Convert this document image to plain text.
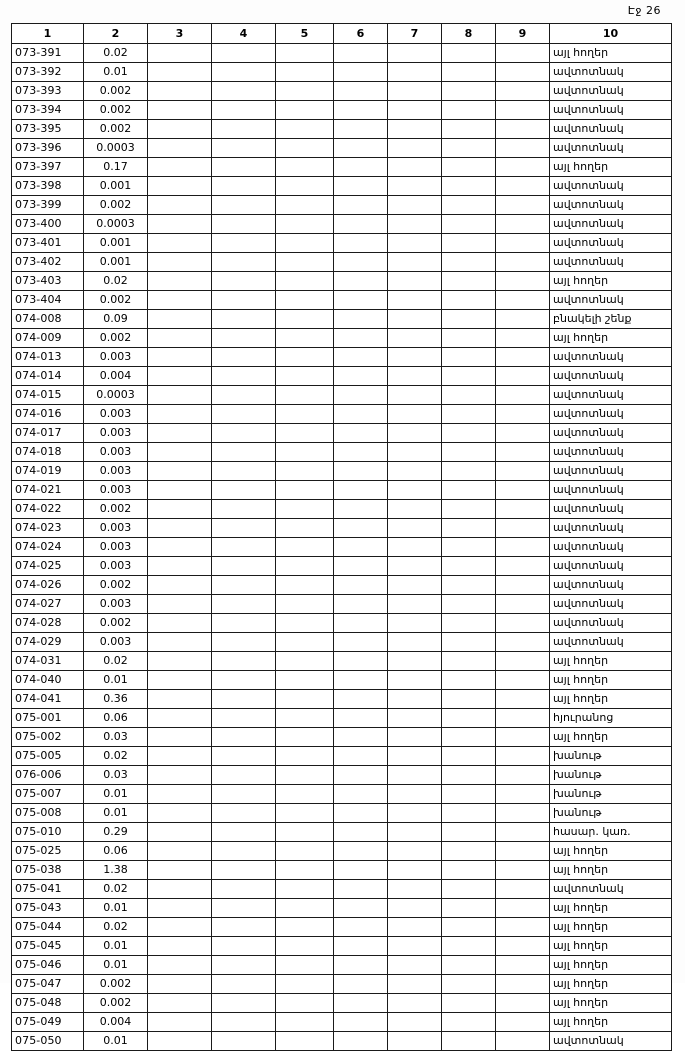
Էջ 26
1	2	3	4	5	6	7	8	9	10
073-391	0.02								այլ հողեր
073-392	0.01								ավտոտնակ
073-393	0.002								ավտոտնակ
073-394	0.002								ավտոտնակ
073-395	0.002								ավտոտնակ
073-396	0.0003								ավտոտնակ
073-397	0.17								այլ հողեր
073-398	0.001								ավտոտնակ
073-399	0.002								ավտոտնակ
073-400	0.0003								ավտոտնակ
073-401	0.001								ավտոտնակ
073-402	0.001								ավտոտնակ
073-403	0.02								այլ հողեր
073-404	0.002								ավտոտնակ
074-008	0.09								բնակելի շենք
074-009	0.002								այլ հողեր
074-013	0.003								ավտոտնակ
074-014	0.004								ավտոտնակ
074-015	0.0003								ավտոտնակ
074-016	0.003								ավտոտնակ
074-017	0.003								ավտոտնակ
074-018	0.003								ավտոտնակ
074-019	0.003								ավտոտնակ
074-021	0.003								ավտոտնակ
074-022	0.002								ավտոտնակ
074-023	0.003								ավտոտնակ
074-024	0.003								ավտոտնակ
074-025	0.003								ավտոտնակ
074-026	0.002								ավտոտնակ
074-027	0.003								ավտոտնակ
074-028	0.002								ավտոտնակ
074-029	0.003								ավտոտնակ
074-031	0.02								այլ հողեր
074-040	0.01								այլ հողեր
074-041	0.36								այլ հողեր
075-001	0.06								հյուրանոց
075-002	0.03								այլ հողեր
075-005	0.02								խանութ
076-006	0.03								խանութ
075-007	0.01								խանութ
075-008	0.01								խանութ
075-010	0.29								հասար. կառ.
075-025	0.06								այլ հողեր
075-038	1.38								այլ հողեր
075-041	0.02								ավտոտնակ
075-043	0.01								այլ հողեր
075-044	0.02								այլ հողեր
075-045	0.01								այլ հողեր
075-046	0.01								այլ հողեր
075-047	0.002								այլ հողեր
075-048	0.002								այլ հողեր
075-049	0.004								այլ հողեր
075-050	0.01								ավտոտնակ
